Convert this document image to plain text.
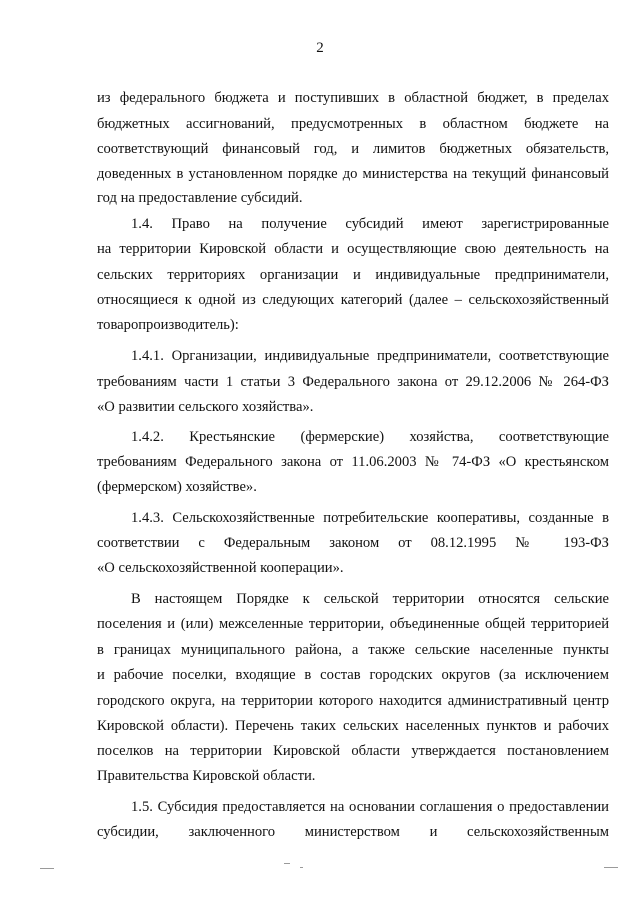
2
из федерального бюджета и поступивших в областной бюджет, в пределах
бюджетных ассигнований, предусмотренных в областном бюджете на
соответствующий финансовый год, и лимитов бюджетных обязательств,
доведенных в установленном порядке до министерства на текущий финансовый
год на предоставление субсидий.
1.4. Право на получение субсидий имеют зарегистрированные
на территории Кировской области и осуществляющие свою деятельность на
сельских территориях организации и индивидуальные предприниматели,
относящиеся к одной из следующих категорий (далее – сельскохозяйственный
товаропроизводитель):
1.4.1. Организации, индивидуальные предприниматели, соответствующие
требованиям части 1 статьи 3 Федерального закона от 29.12.2006 № 264-ФЗ
«О развитии сельского хозяйства».
1.4.2. Крестьянские (фермерские) хозяйства, соответствующие
требованиям Федерального закона от 11.06.2003 № 74-ФЗ «О крестьянском
(фермерском) хозяйстве».
1.4.3. Сельскохозяйственные потребительские кооперативы, созданные в
соответствии с Федеральным законом от 08.12.1995 № 193-ФЗ
«О сельскохозяйственной кооперации».
В настоящем Порядке к сельской территории относятся сельские
поселения и (или) межселенные территории, объединенные общей территорией
в границах муниципального района, а также сельские населенные пункты
и рабочие поселки, входящие в состав городских округов (за исключением
городского округа, на территории которого находится административный центр
Кировской области). Перечень таких сельских населенных пунктов и рабочих
поселков на территории Кировской области утверждается постановлением
Правительства Кировской области.
1.5. Субсидия предоставляется на основании соглашения о предоставлении
субсидии, заключенного министерством и сельскохозяйственным
